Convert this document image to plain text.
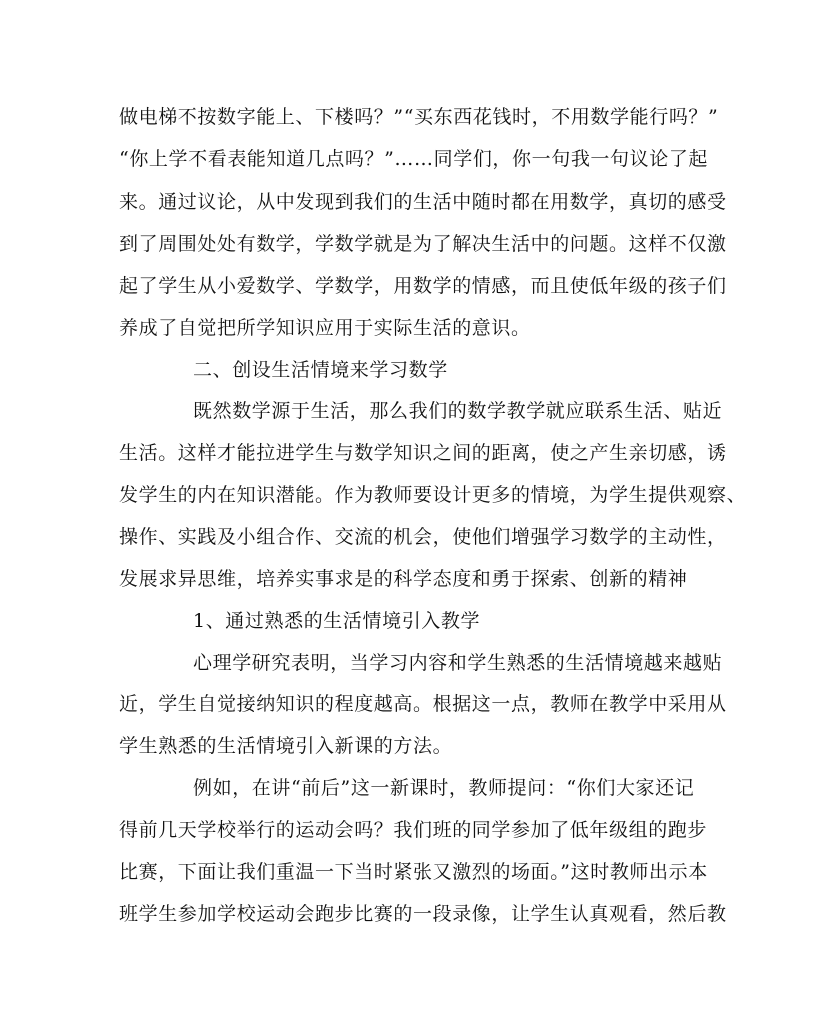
做电梯不按数字能上、下楼吗？”“买东西花钱时，不用数学能行吗？”
“你上学不看表能知道几点吗？”……同学们，你一句我一句议论了起
来。通过议论，从中发现到我们的生活中随时都在用数学，真切的感受
到了周围处处有数学，学数学就是为了解决生活中的问题。这样不仅激
起了学生从小爱数学、学数学，用数学的情感，而且使低年级的孩子们
养成了自觉把所学知识应用于实际生活的意识。
二、创设生活情境来学习数学
既然数学源于生活，那么我们的数学教学就应联系生活、贴近
生活。这样才能拉进学生与数学知识之间的距离，使之产生亲切感，诱
发学生的内在知识潜能。作为教师要设计更多的情境，为学生提供观察、
操作、实践及小组合作、交流的机会，使他们增强学习数学的主动性，
发展求异思维，培养实事求是的科学态度和勇于探索、创新的精神
1、通过熟悉的生活情境引入教学
心理学研究表明，当学习内容和学生熟悉的生活情境越来越贴
近，学生自觉接纳知识的程度越高。根据这一点，教师在教学中采用从
学生熟悉的生活情境引入新课的方法。
例如，在讲“前后”这一新课时，教师提问：“你们大家还记
得前几天学校举行的运动会吗？我们班的同学参加了低年级组的跑步
比赛，下面让我们重温一下当时紧张又激烈的场面。”这时教师出示本
班学生参加学校运动会跑步比赛的一段录像，让学生认真观看，然后教
